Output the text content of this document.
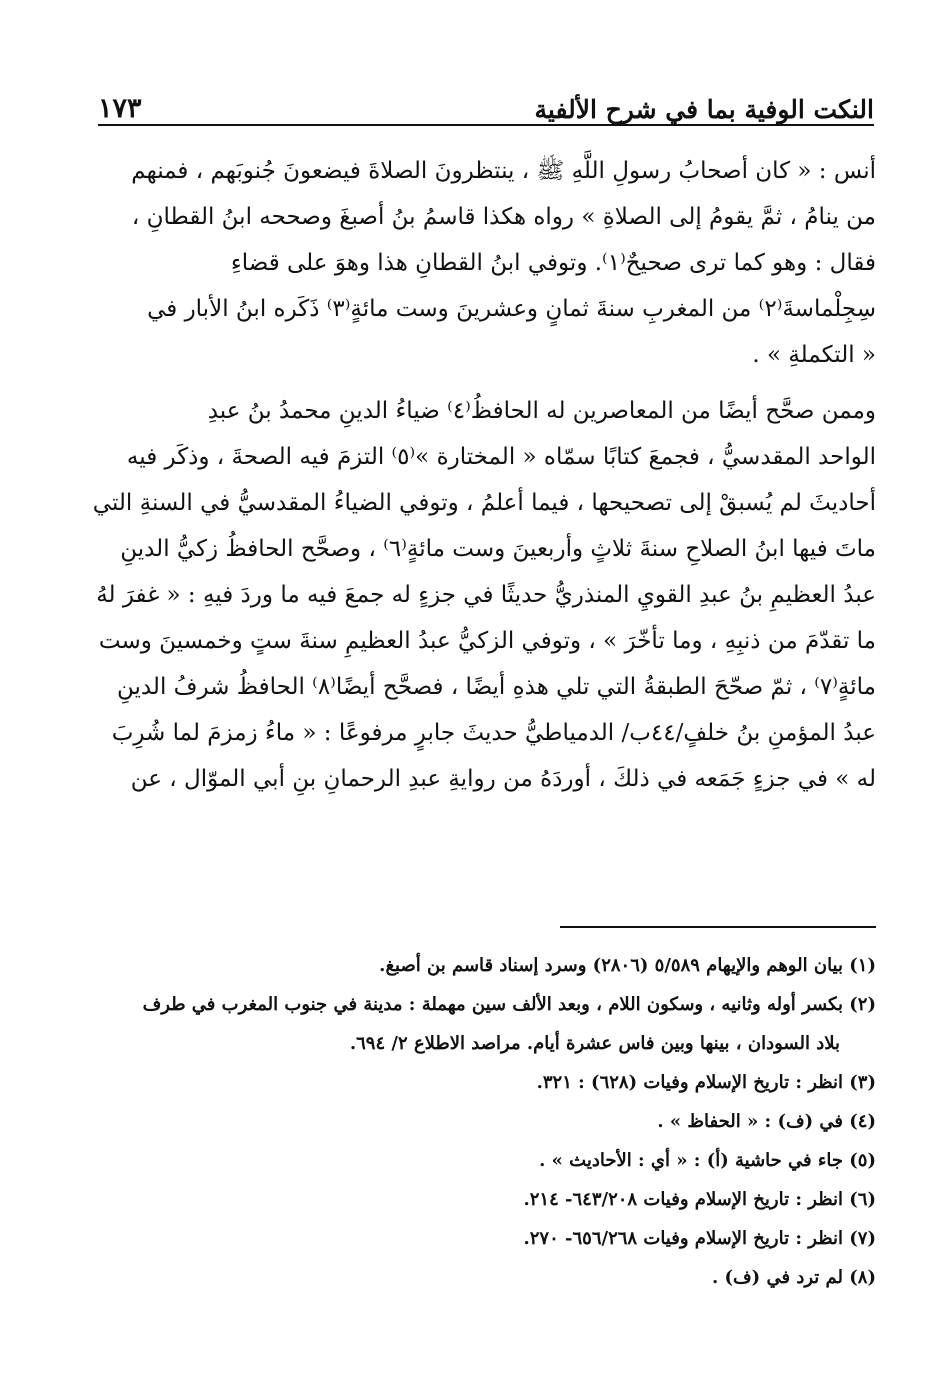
النكت الوفية بما في شرح الألفية
١٧٣
أنس : « كان أصحابُ رسولِ اللَّهِ ﷺ ، ينتظرونَ الصلاةَ فيضعونَ جُنوبَهم ، فمنهم
من ينامُ ، ثمَّ يقومُ إلى الصلاةِ » رواه هكذا قاسمُ بنُ أصبغَ وصححه ابنُ القطانِ ،
فقال : وهو كما ترى صحيحٌ⁽١⁾. وتوفي ابنُ القطانِ هذا وهوَ على قضاءِ
سِجِلْماسةَ⁽٢⁾ من المغربِ سنةَ ثمانٍ وعشرينَ وست مائةٍ⁽٣⁾ ذَكَره ابنُ الأبار في
« التكملةِ » .
وممن صحَّح أيضًا من المعاصرين له الحافظُ⁽٤⁾ ضياءُ الدينِ محمدُ بنُ عبدِ
الواحد المقدسيُّ ، فجمعَ كتابًا سمّاه « المختارة »⁽٥⁾ التزمَ فيه الصحةَ ، وذكَر فيه
أحاديثَ لم يُسبقْ إلى تصحيحها ، فيما أعلمُ ، وتوفي الضياءُ المقدسيُّ في السنةِ التي
ماتَ فيها ابنُ الصلاحِ سنةَ ثلاثٍ وأربعينَ وست مائةٍ⁽٦⁾ ، وصحَّح الحافظُ زكيُّ الدينِ
عبدُ العظيمِ بنُ عبدِ القويِ المنذريُّ حديثًا في جزءٍ له جمعَ فيه ما وردَ فيهِ : « غفرَ لهُ
ما تقدّمَ من ذنبِهِ ، وما تأخّرَ » ، وتوفي الزكيُّ عبدُ العظيمِ سنةَ ستٍ وخمسينَ وست
مائةٍ⁽٧⁾ ، ثمّ صحّحَ الطبقةُ التي تلي هذهِ أيضًا ، فصحَّح أيضًا⁽٨⁾ الحافظُ شرفُ الدينِ
عبدُ المؤمنِ بنُ خلفٍ/٤٤ب/ الدمياطيُّ حديثَ جابرٍ مرفوعًا : « ماءُ زمزمَ لما شُرِبَ
له » في جزءٍ جَمَعه في ذلكَ ، أوردَهُ من روايةِ عبدِ الرحمانِ بنِ أبي الموّال ، عن
(١) بيان الوهم والإيهام ٥/٥٨٩ (٢٨٠٦) وسرد إسناد قاسم بن أصبغ.
(٢) بكسر أوله وثانيه ، وسكون اللام ، وبعد الألف سين مهملة : مدينة في جنوب المغرب في طرف
بلاد السودان ، بينها وبين فاس عشرة أيام. مراصد الاطلاع ٢/ ٦٩٤.
(٣) انظر : تاريخ الإسلام وفيات (٦٢٨) : ٣٢١.
(٤) في (ف) : « الحفاظ » .
(٥) جاء في حاشية (أ) : « أي : الأحاديث » .
(٦) انظر : تاريخ الإسلام وفيات ٦٤٣/٢٠٨- ٢١٤.
(٧) انظر : تاريخ الإسلام وفيات ٦٥٦/٢٦٨- ٢٧٠.
(٨) لم ترد في (ف) .
